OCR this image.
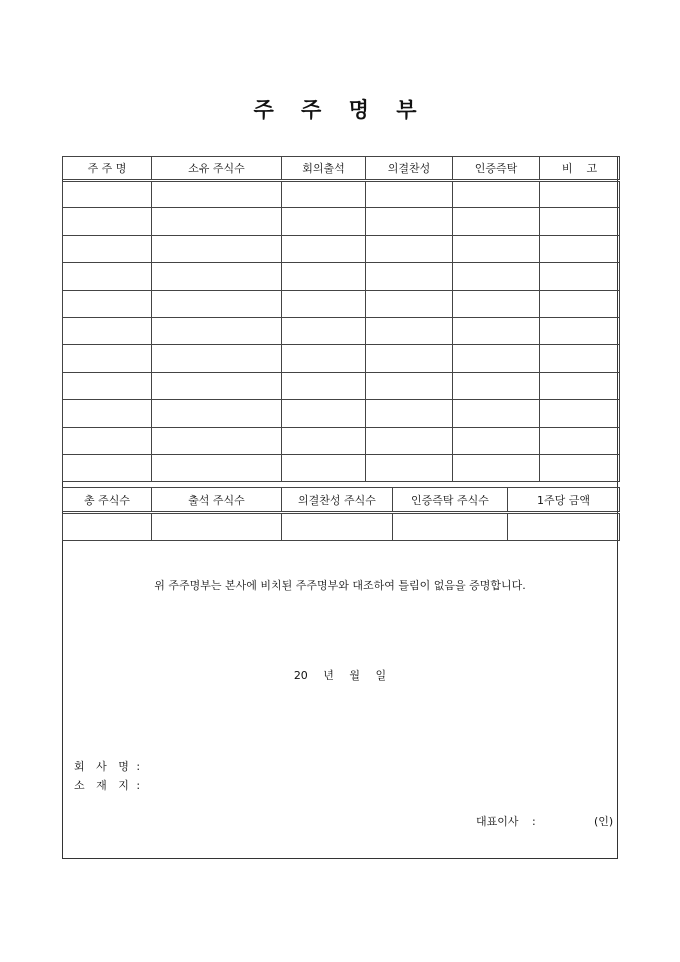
주 주 명 부
주 주 명	소유 주식수	회의출석	의결찬성	인증즉탁	비    고

총 주식수	출석 주식수	의결찬성 주식수	인증즉탁 주식수	1주당 금액

위 주주명부는 본사에 비치된 주주명부와 대조하여 틀림이 없음을 증명합니다.
20 년 월 일
회 사 명 :
소 재 지 :
대표이사 :	(인)
